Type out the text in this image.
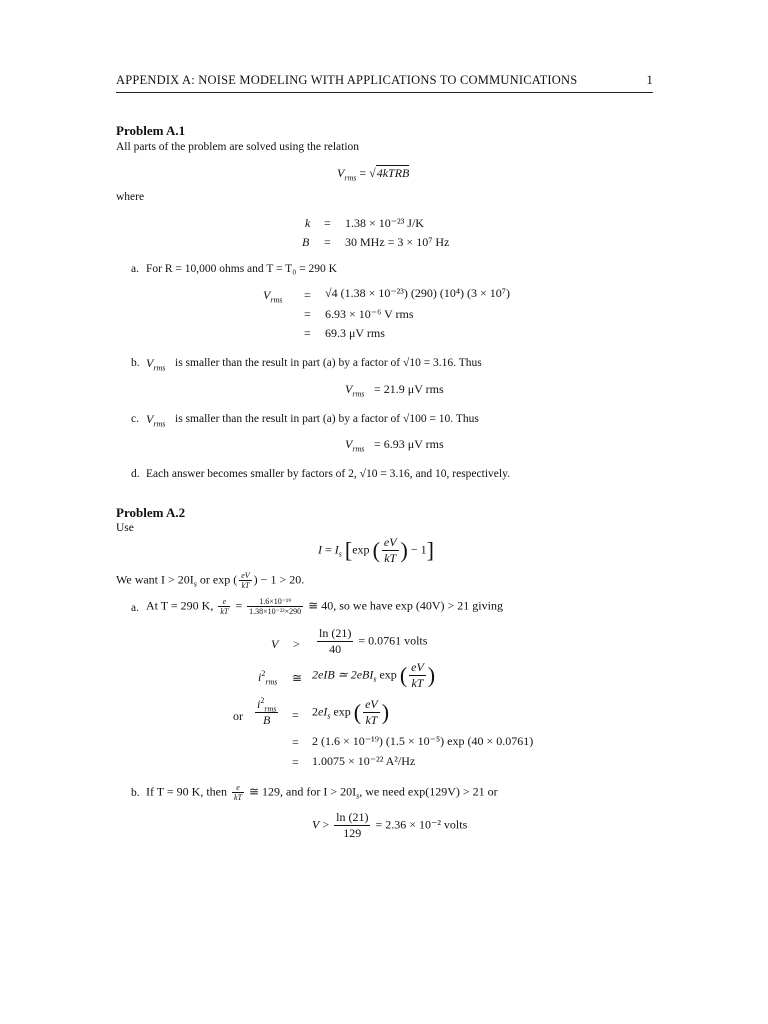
APPENDIX A: NOISE MODELING WITH APPLICATIONS TO COMMUNICATIONS	1
Problem A.1
All parts of the problem are solved using the relation
$V_{rms}$ = √4kTRB
where
k = 1.38 × 10⁻²³ J/K
B = 30 MHz = 3 × 10⁷ Hz
a. For R = 10,000 ohms and T = T₀ = 290 K
$V_{rms} = √4$ (1.38 × 10⁻²³) (290) (10⁴) (3 × 10⁷)
= 6.93 × 10⁻⁶ V rms
= 69.3 μV rms
b. $V_{rms}$ is smaller than the result in part (a) by a factor of √10 = 3.16. Thus
$V_{rms} = 21.9$ μV rms
c. $V_{rms}$ is smaller than the result in part (a) by a factor of √100 = 10. Thus
$V_{rms} = 6.93$ μV rms
d. Each answer becomes smaller by factors of 2, √10 = 3.16, and 10, respectively.
Problem A.2
Use
$I = I_s$ [exp ( $\frac{eV}{kT}$ ) − 1]
We want $I > 20I_s$ or exp ( $\frac{eV}{kT}$ ) − 1 > 20.
a. At T = 290 K, $\frac{e}{kT} = \frac{\text{1.6×10⁻¹⁹}}{\text{1.38×10⁻²³×290}}$ ≅ 40, so we have exp (40V) > 21 giving
$V > \frac{\ln (21)}{40} = 0.0761$ volts
$i^2_{rms}$ ≅ 2eIB ≃ 2eBI$_s$ exp ( $\frac{eV}{kT}$ )
or $\frac{i^2_{rms}}{B} = 2eI_s$ exp ( $\frac{eV}{kT}$ )
= 2 (1.6 × 10⁻¹⁹) (1.5 × 10⁻⁵) exp (40 × 0.0761)
= 1.0075 × 10⁻²² A²/Hz
b. If T = 90 K, then $\frac{e}{kT}$ ≅ 129, and for $I > 20I_s$, we need exp(129V) > 21 or
$V > \frac{\ln (21)}{129} = 2.36 \times 10^{-2}$ volts
